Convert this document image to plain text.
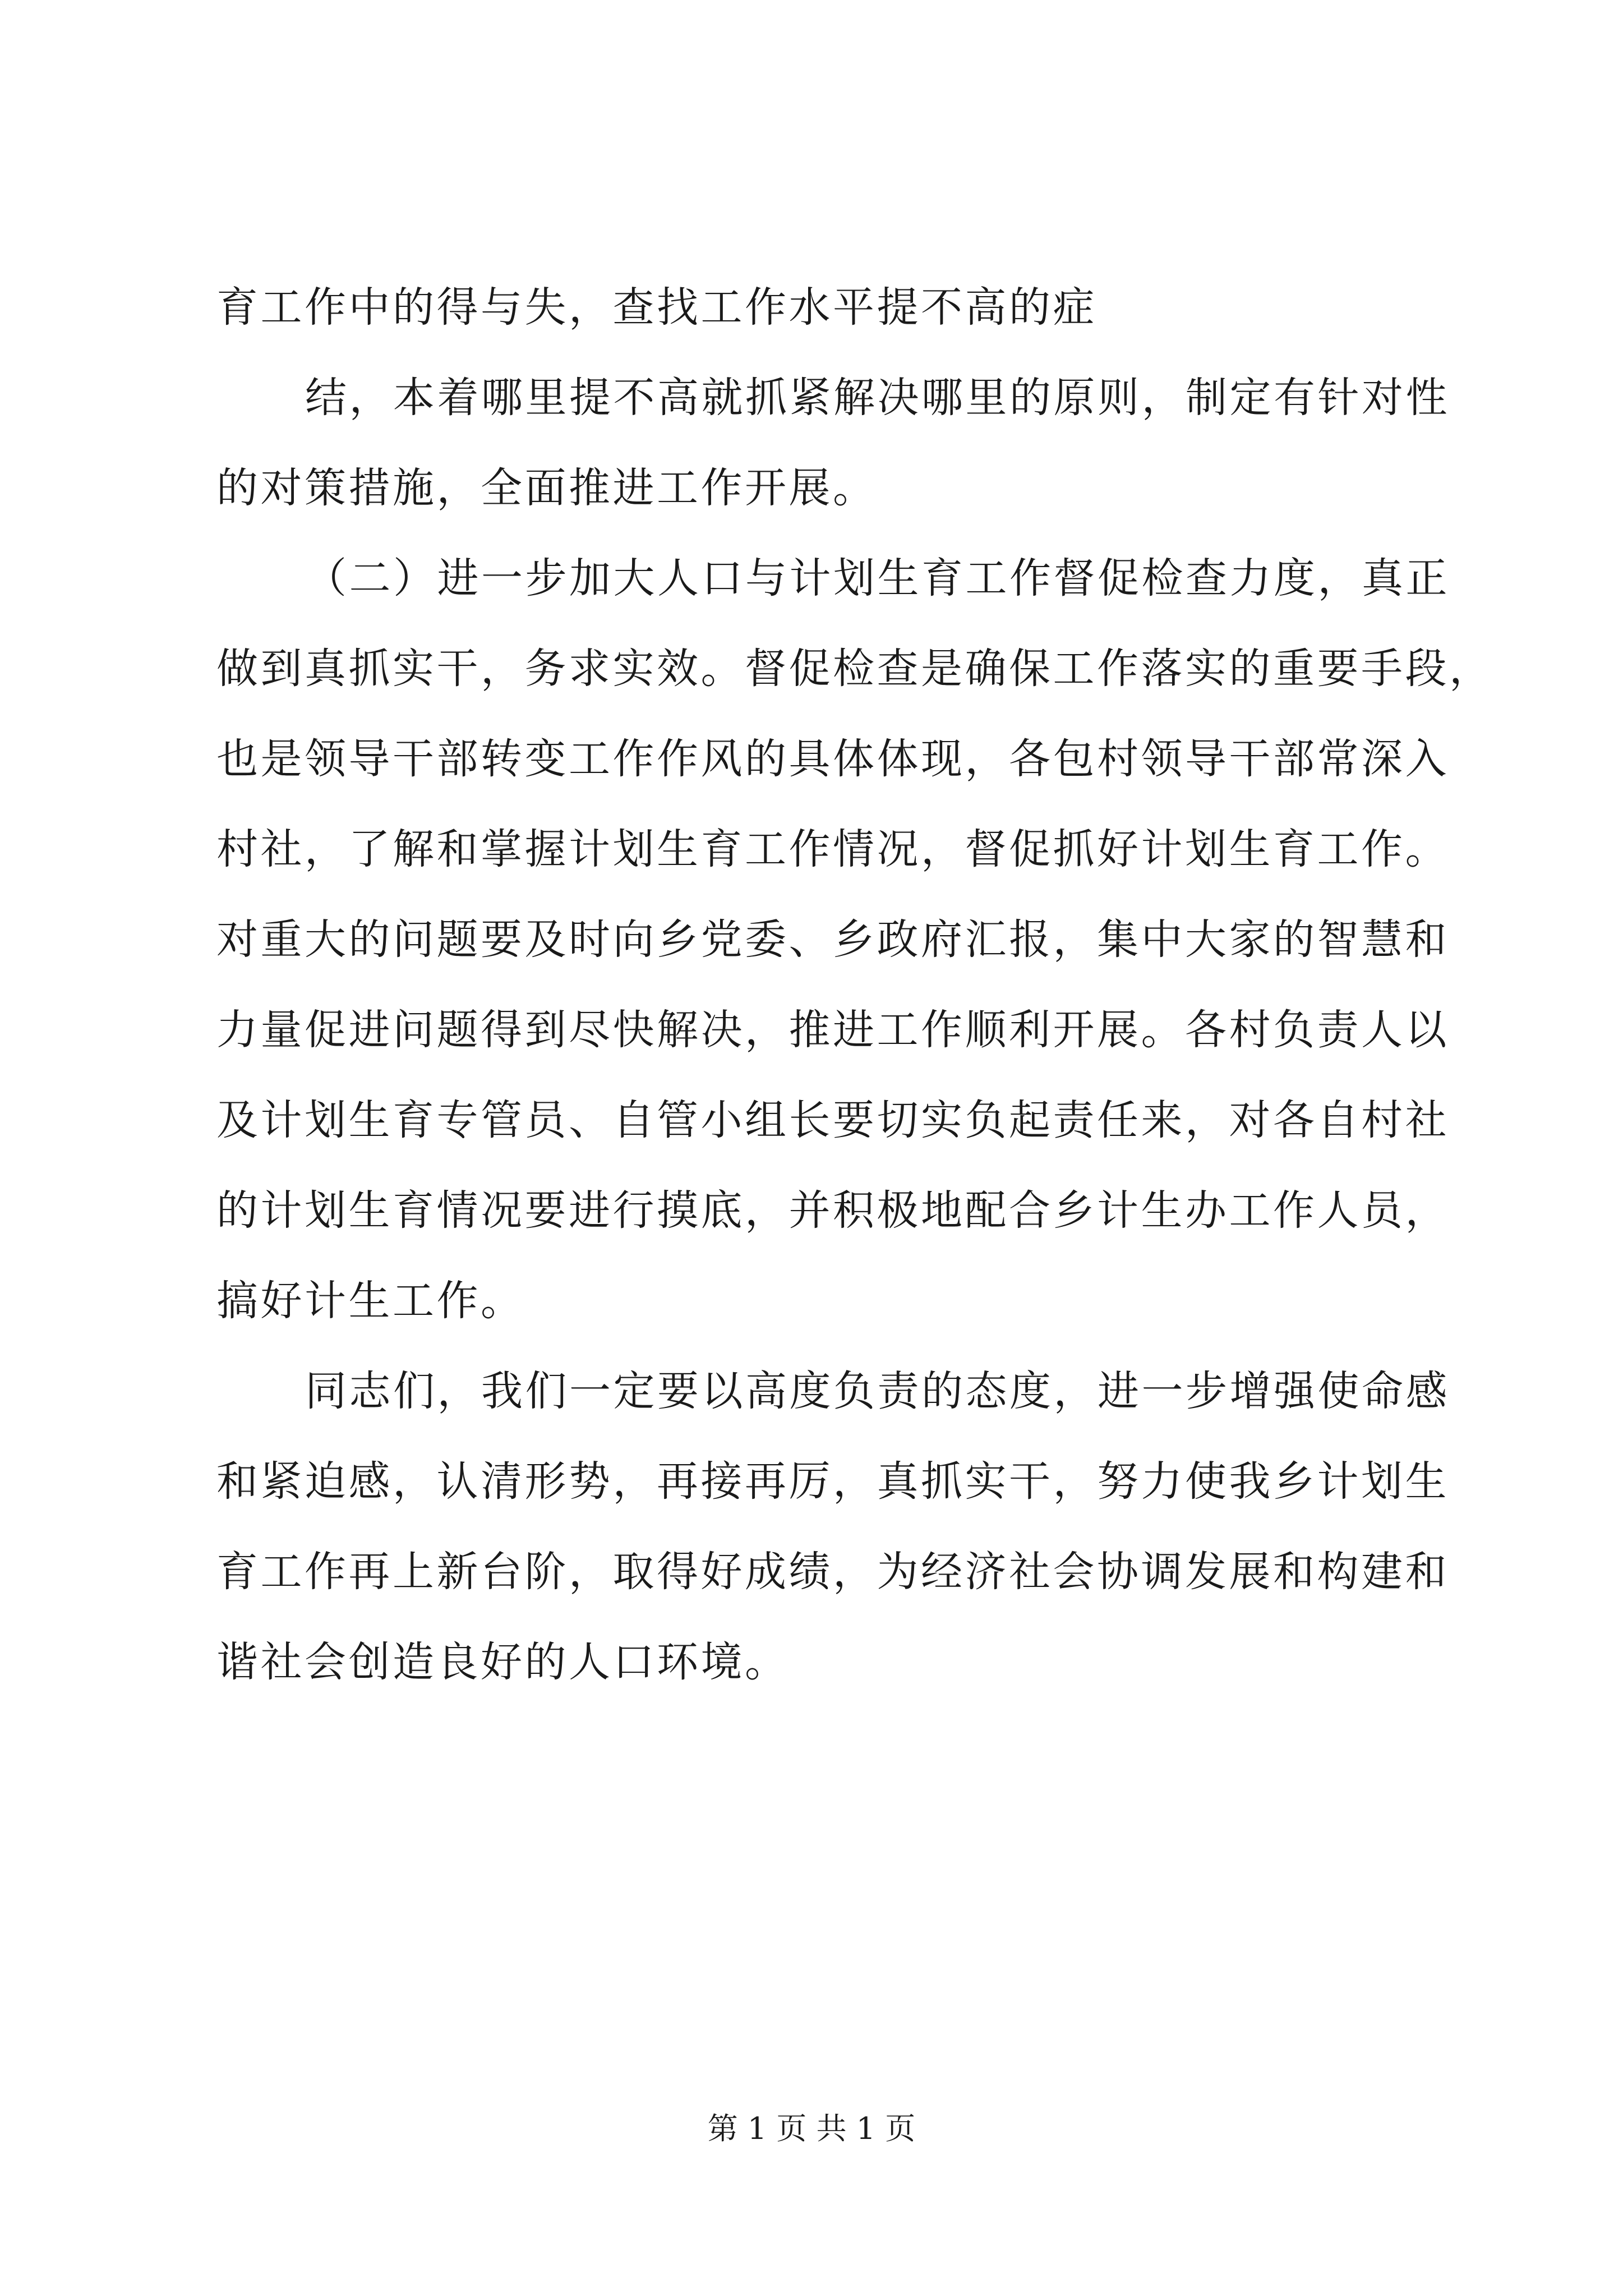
育工作中的得与失，查找工作水平提不高的症
结，本着哪里提不高就抓紧解决哪里的原则，制定有针对性
的对策措施，全面推进工作开展。
（二）进一步加大人口与计划生育工作督促检查力度，真正
做到真抓实干，务求实效。督促检查是确保工作落实的重要手段，
也是领导干部转变工作作风的具体体现，各包村领导干部常深入
村社，了解和掌握计划生育工作情况，督促抓好计划生育工作。
对重大的问题要及时向乡党委、乡政府汇报，集中大家的智慧和
力量促进问题得到尽快解决，推进工作顺利开展。各村负责人以
及计划生育专管员、自管小组长要切实负起责任来，对各自村社
的计划生育情况要进行摸底，并积极地配合乡计生办工作人员，
搞好计生工作。
同志们，我们一定要以高度负责的态度，进一步增强使命感
和紧迫感，认清形势，再接再厉，真抓实干，努力使我乡计划生
育工作再上新台阶，取得好成绩，为经济社会协调发展和构建和
谐社会创造良好的人口环境。
第 1 页 共 1 页
